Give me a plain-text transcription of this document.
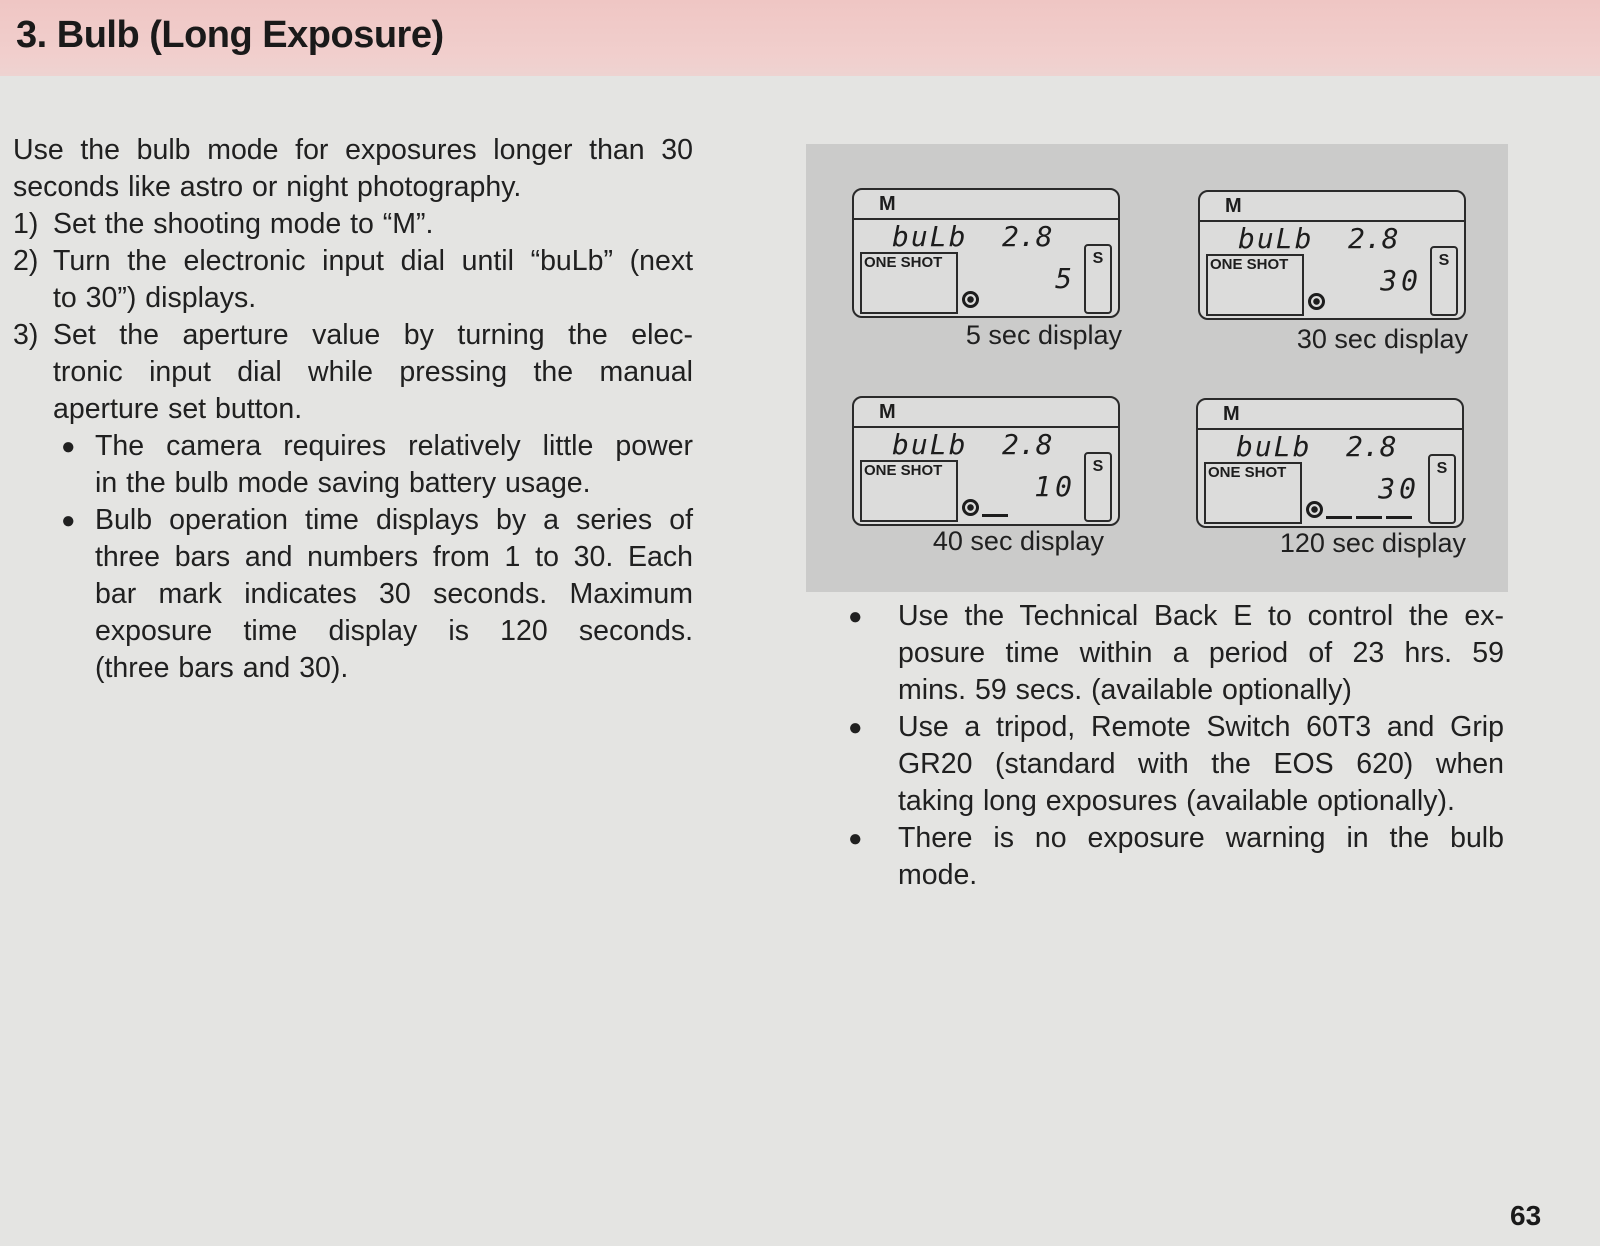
3. Bulb (Long Exposure)

Use the bulb mode for exposures longer than 30
seconds like astro or night photography.

1) Set the shooting mode to “M”.
2) Turn the electronic input dial until “buLb” (next
to 30”) displays.
3) Set the aperture value by turning the elec-
tronic input dial while pressing the manual
aperture set button.
● The camera requires relatively little power
in the bulb mode saving battery usage.
● Bulb operation time displays by a series of
three bars and numbers from 1 to 30. Each
bar mark indicates 30 seconds. Maximum
exposure time display is 120 seconds.
(three bars and 30).
M
buLb 2.8
ONE SHOT	5
S
5 sec display
M
buLb 2.8
ONE SHOT	30
S
30 sec display
M
buLb 2.8
ONE SHOT	10
S
40 sec display
M
buLb 2.8
ONE SHOT	30
S
120 sec display
● Use the Technical Back E to control the ex-
posure time within a period of 23 hrs. 59
mins. 59 secs. (available optionally)
● Use a tripod, Remote Switch 60T3 and Grip
GR20 (standard with the EOS 620) when
taking long exposures (available optionally).
● There is no exposure warning in the bulb
mode.
63
